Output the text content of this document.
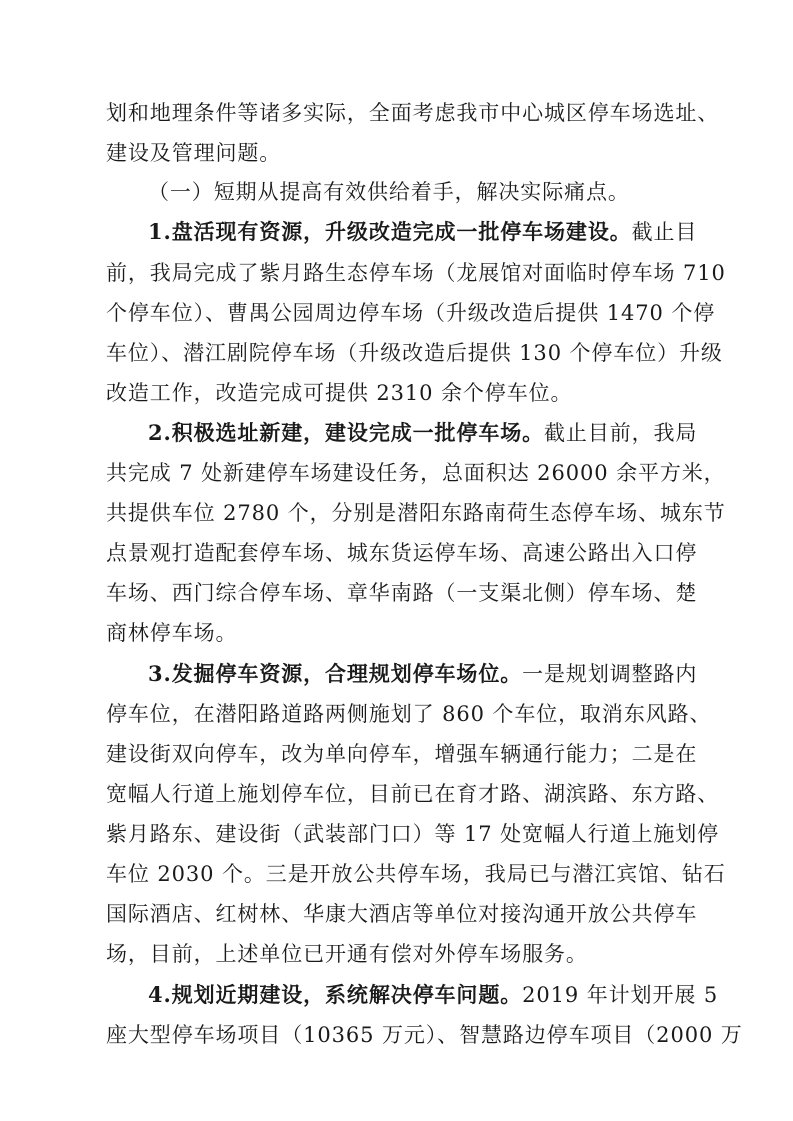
划和地理条件等诸多实际，全面考虑我市中心城区停车场选址、
建设及管理问题。
（一）短期从提高有效供给着手，解决实际痛点。
1.盘活现有资源，升级改造完成一批停车场建设。截止目
前，我局完成了紫月路生态停车场（龙展馆对面临时停车场 710
个停车位）、曹禺公园周边停车场（升级改造后提供 1470 个停
车位）、潜江剧院停车场（升级改造后提供 130 个停车位）升级
改造工作，改造完成可提供 2310 余个停车位。
2.积极选址新建，建设完成一批停车场。截止目前，我局
共完成 7 处新建停车场建设任务，总面积达 26000 余平方米，
共提供车位 2780 个，分别是潜阳东路南荷生态停车场、城东节
点景观打造配套停车场、城东货运停车场、高速公路出入口停
车场、西门综合停车场、章华南路（一支渠北侧）停车场、楚
商林停车场。
3.发掘停车资源，合理规划停车场位。一是规划调整路内
停车位，在潜阳路道路两侧施划了 860 个车位，取消东风路、
建设街双向停车，改为单向停车，增强车辆通行能力；二是在
宽幅人行道上施划停车位，目前已在育才路、湖滨路、东方路、
紫月路东、建设街（武装部门口）等 17 处宽幅人行道上施划停
车位 2030 个。三是开放公共停车场，我局已与潜江宾馆、钻石
国际酒店、红树林、华康大酒店等单位对接沟通开放公共停车
场，目前，上述单位已开通有偿对外停车场服务。
4.规划近期建设，系统解决停车问题。2019 年计划开展 5
座大型停车场项目（10365 万元）、智慧路边停车项目（2000 万
